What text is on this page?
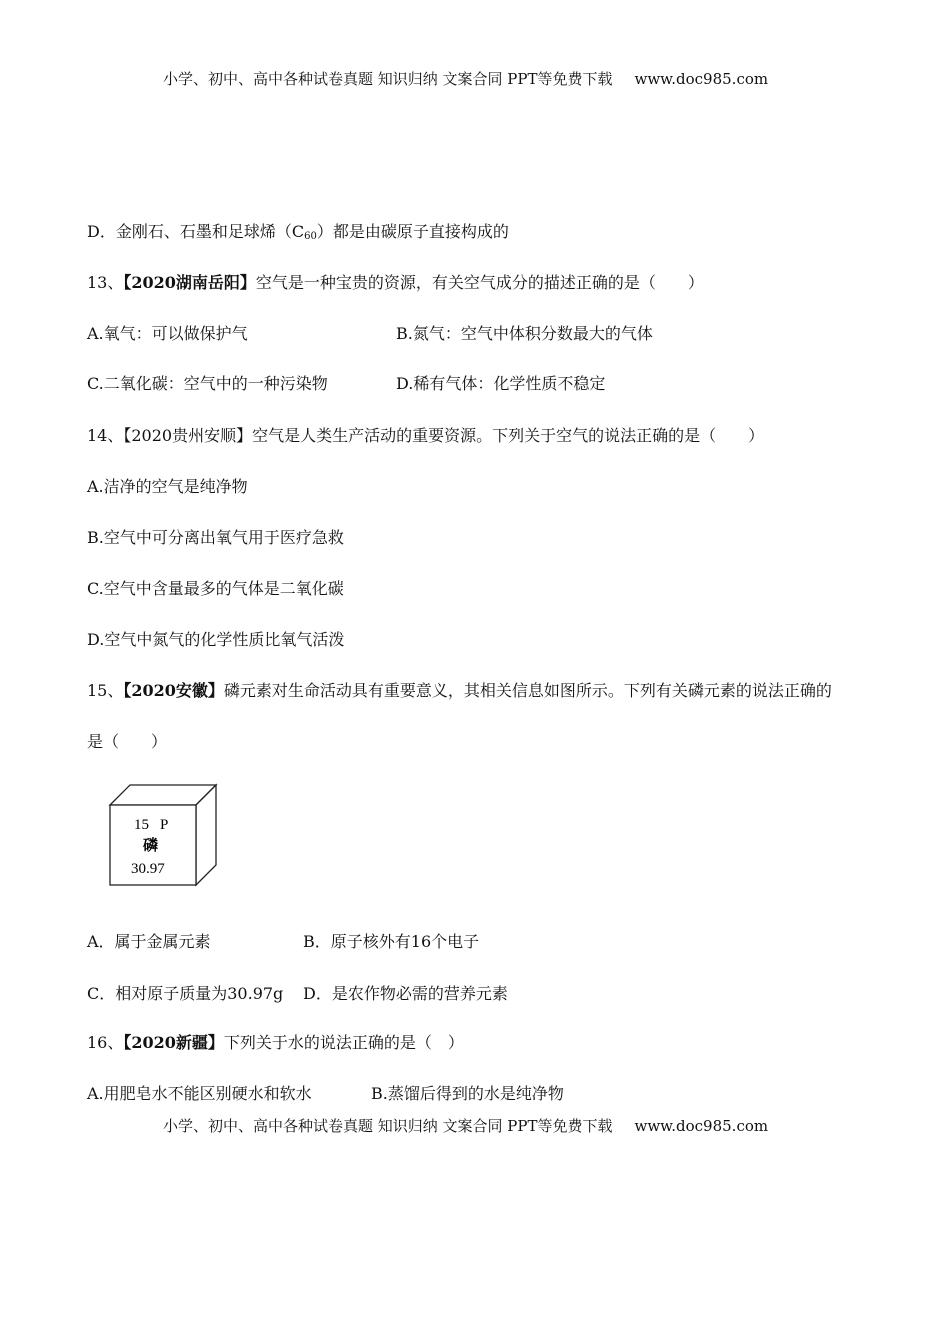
小学、初中、高中各种试卷真题 知识归纳 文案合同 PPT等免费下载 www.doc985.com
D．金刚石、石墨和足球烯$(C_{60})$都是由碳原子直接构成的
13、【2020湖南岳阳】空气是一种宝贵的资源，有关空气成分的描述正确的是（　　）
A.氧气：可以做保护气	B.氮气：空气中体积分数最大的气体
C.二氧化碳：空气中的一种污染物	D.稀有气体：化学性质不稳定
14、【2020贵州安顺】空气是人类生产活动的重要资源。下列关于空气的说法正确的是（　　）
A.洁净的空气是纯净物
B.空气中可分离出氧气用于医疗急救
C.空气中含量最多的气体是二氧化碳
D.空气中氮气的化学性质比氧气活泼
15、【2020安徽】磷元素对生命活动具有重要意义，其相关信息如图所示。下列有关磷元素的说法正确的
是（　　）
15 P
磷
30.97
A．属于金属元素	B．原子核外有16个电子
C．相对原子质量为30.97g D．是农作物必需的营养元素
16、【2020新疆】下列关于水的说法正确的是（　）
A.用肥皂水不能区别硬水和软水	B.蒸馏后得到的水是纯净物
小学、初中、高中各种试卷真题 知识归纳 文案合同 PPT等免费下载 www.doc985.com
